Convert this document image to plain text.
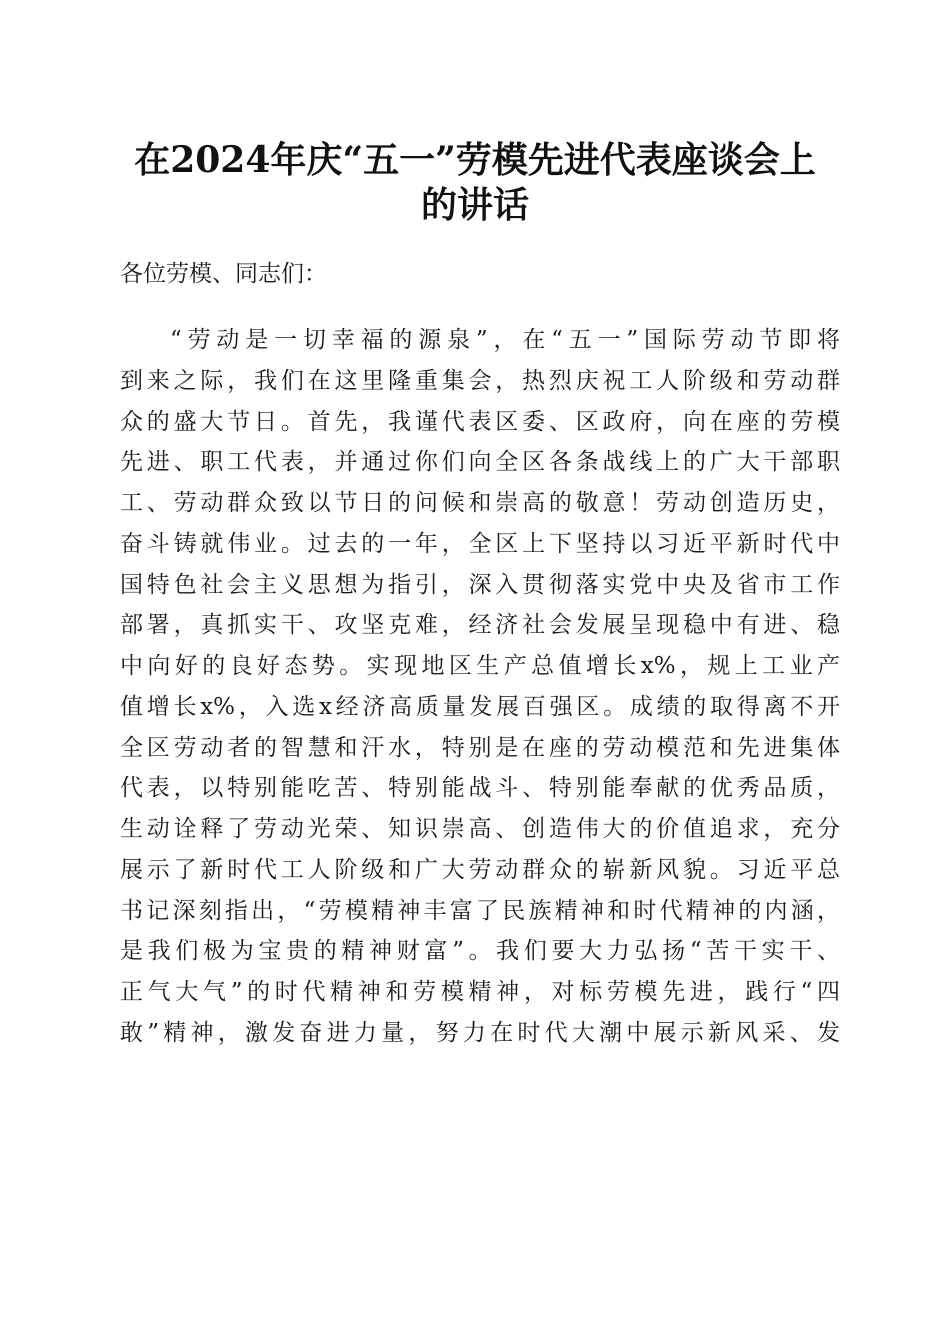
在2024年庆“五一”劳模先进代表座谈会上
的讲话

各位劳模、同志们：

“劳动是一切幸福的源泉”，在“五一”国际劳动节即将
到来之际，我们在这里隆重集会，热烈庆祝工人阶级和劳动群
众的盛大节日。首先，我谨代表区委、区政府，向在座的劳模
先进、职工代表，并通过你们向全区各条战线上的广大干部职
工、劳动群众致以节日的问候和崇高的敬意！劳动创造历史，
奋斗铸就伟业。过去的一年，全区上下坚持以习近平新时代中
国特色社会主义思想为指引，深入贯彻落实党中央及省市工作
部署，真抓实干、攻坚克难，经济社会发展呈现稳中有进、稳
中向好的良好态势。实现地区生产总值增长x%，规上工业产
值增长x%，入选x经济高质量发展百强区。成绩的取得离不开
全区劳动者的智慧和汗水，特别是在座的劳动模范和先进集体
代表，以特别能吃苦、特别能战斗、特别能奉献的优秀品质，
生动诠释了劳动光荣、知识崇高、创造伟大的价值追求，充分
展示了新时代工人阶级和广大劳动群众的崭新风貌。习近平总
书记深刻指出，“劳模精神丰富了民族精神和时代精神的内涵，
是我们极为宝贵的精神财富”。我们要大力弘扬“苦干实干、
正气大气”的时代精神和劳模精神，对标劳模先进，践行“四
敢”精神，激发奋进力量，努力在时代大潮中展示新风采、发
